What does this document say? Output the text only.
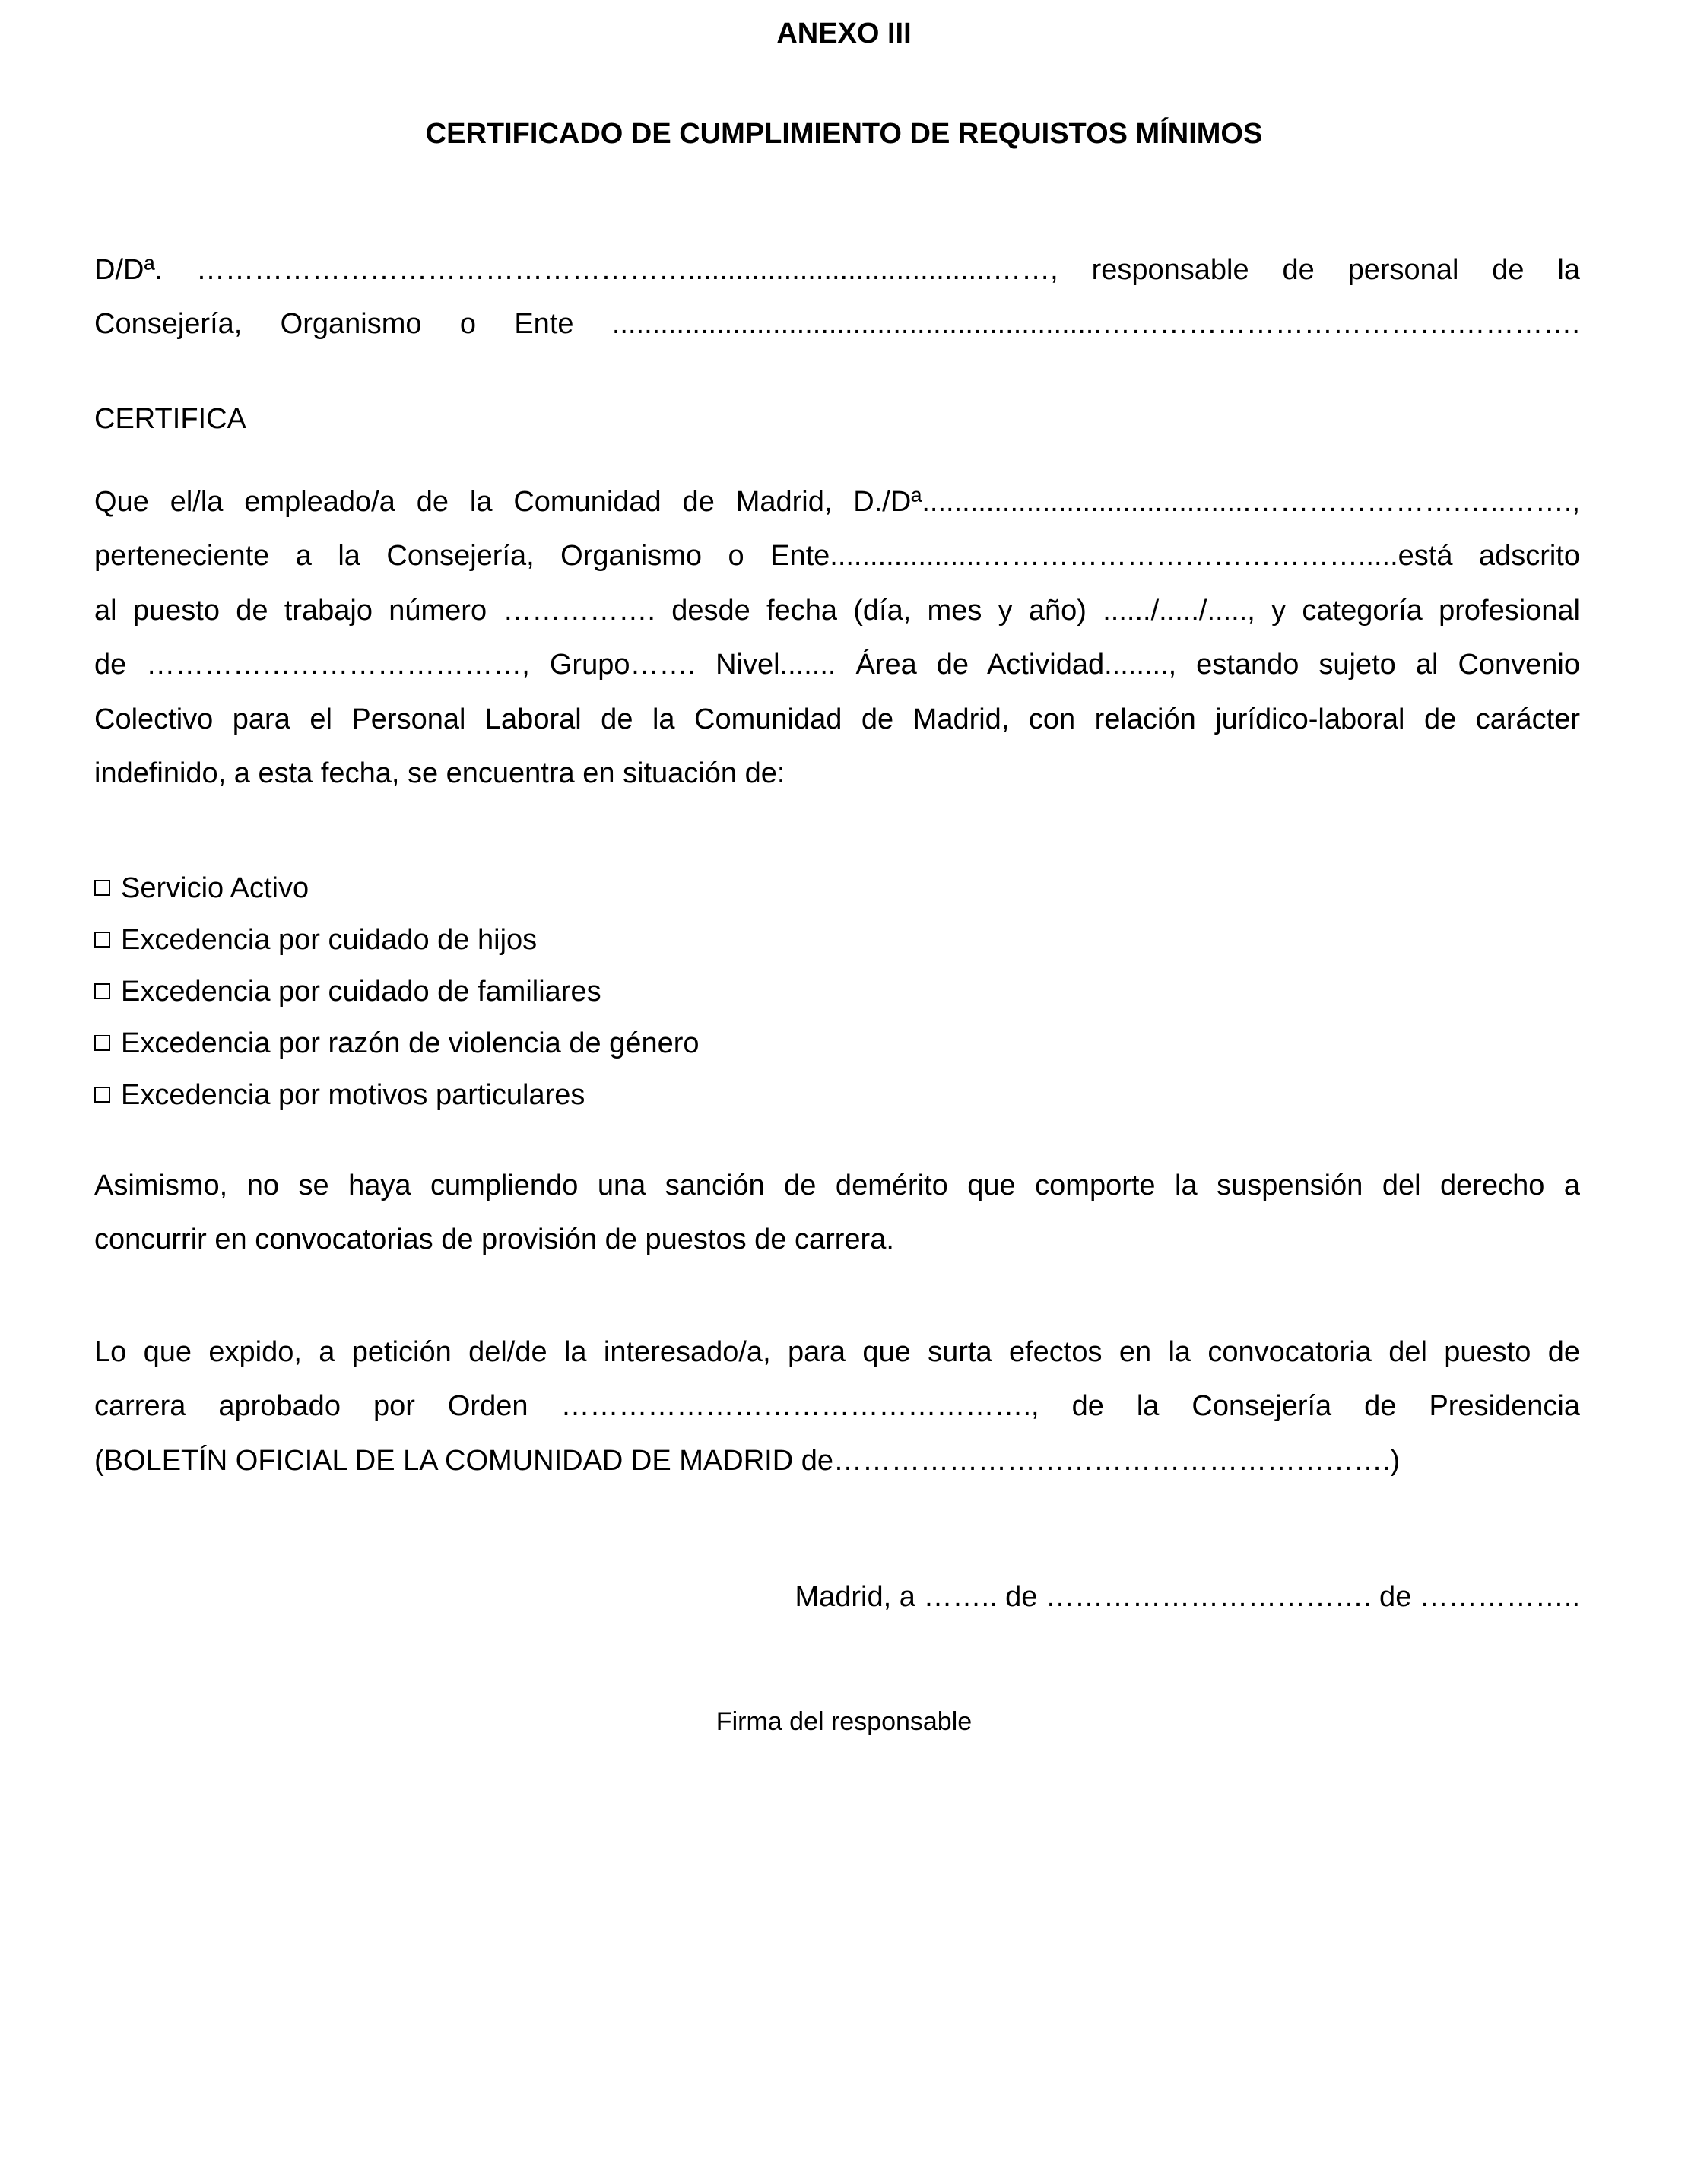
ANEXO III
CERTIFICADO DE CUMPLIMIENTO DE REQUISTOS MÍNIMOS
D/Dª. ……………………………………………......................................……, responsable de personal de la
Consejería, Organismo o Ente .............................................................……………………………….………….
CERTIFICA
Que el/la empleado/a de la Comunidad de Madrid, D./Dª.........................................………………….…..…….,
perteneciente a la Consejería, Organismo o Ente...................………………………………….....está adscrito
al puesto de trabajo número ……………. desde fecha (día, mes y año) ....../...../....., y categoría profesional
de …………………………………, Grupo……. Nivel....... Área de Actividad........, estando sujeto al Convenio
Colectivo para el Personal Laboral de la Comunidad de Madrid, con relación jurídico-laboral de carácter
indefinido, a esta fecha, se encuentra en situación de:
Servicio Activo
Excedencia por cuidado de hijos
Excedencia por cuidado de familiares
Excedencia por razón de violencia de género
Excedencia por motivos particulares
Asimismo, no se haya cumpliendo una sanción de demérito que comporte la suspensión del derecho a
concurrir en convocatorias de provisión de puestos de carrera.
Lo que expido, a petición del/de la interesado/a, para que surta efectos en la convocatoria del puesto de
carrera aprobado por Orden …………………………………………., de la Consejería de Presidencia
(BOLETÍN OFICIAL DE LA COMUNIDAD DE MADRID de………………………………………………….)
Madrid, a …….. de ……………………………. de ……………..
Firma del responsable
